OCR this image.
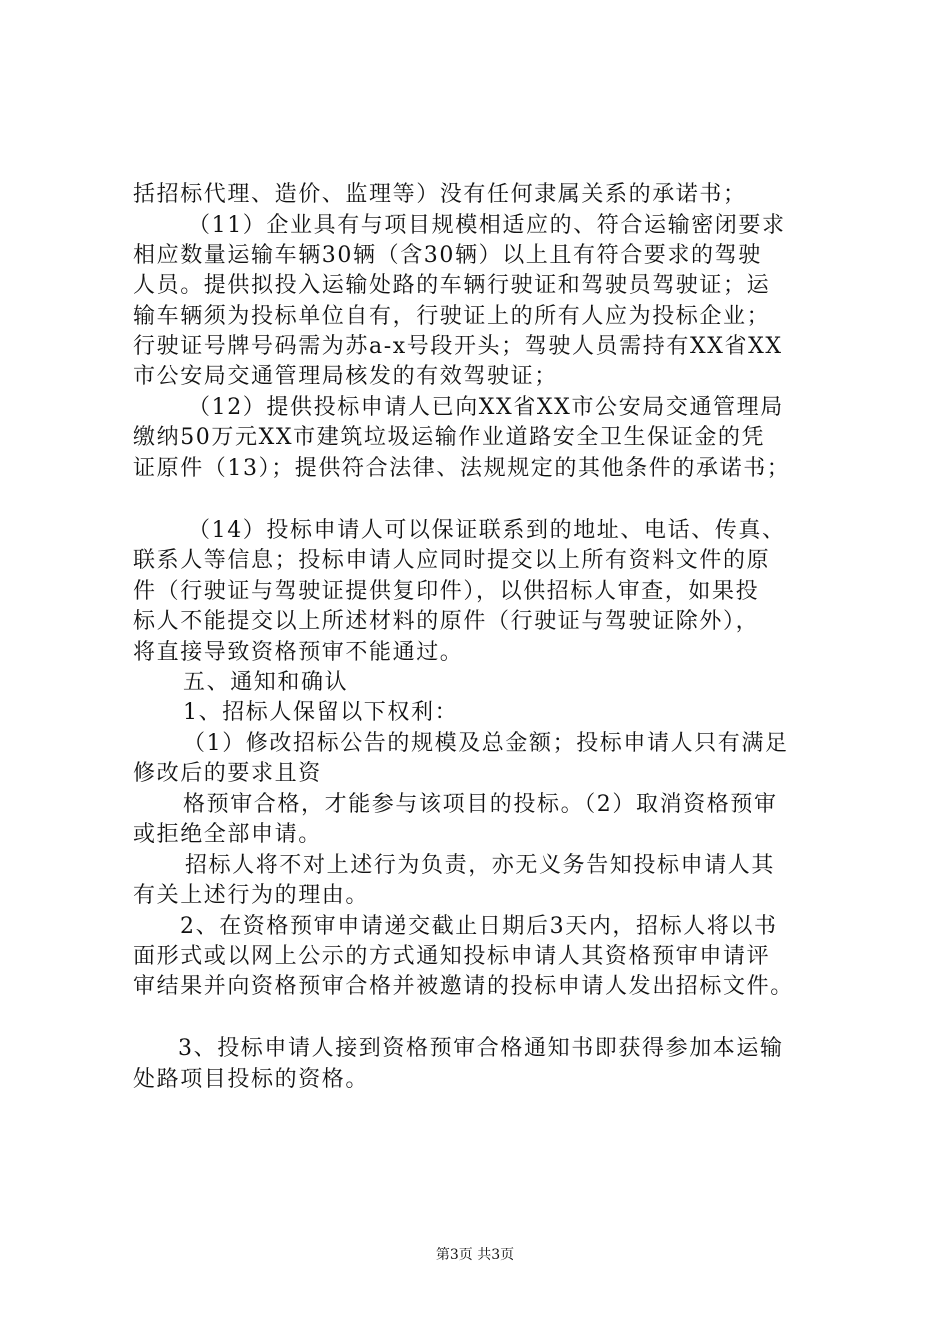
括招标代理、造价、监理等）没有任何隶属关系的承诺书；
（11）企业具有与项目规模相适应的、符合运输密闭要求
相应数量运输车辆30辆（含30辆）以上且有符合要求的驾驶
人员。提供拟投入运输处路的车辆行驶证和驾驶员驾驶证；运
输车辆须为投标单位自有，行驶证上的所有人应为投标企业；
行驶证号牌号码需为苏a-x号段开头；驾驶人员需持有XX省XX
市公安局交通管理局核发的有效驾驶证；
（12）提供投标申请人已向XX省XX市公安局交通管理局
缴纳50万元XX市建筑垃圾运输作业道路安全卫生保证金的凭
证原件（13）；提供符合法律、法规规定的其他条件的承诺书；
（14）投标申请人可以保证联系到的地址、电话、传真、
联系人等信息；投标申请人应同时提交以上所有资料文件的原
件（行驶证与驾驶证提供复印件），以供招标人审查，如果投
标人不能提交以上所述材料的原件（行驶证与驾驶证除外），
将直接导致资格预审不能通过。
五、通知和确认
1、招标人保留以下权利：
（1）修改招标公告的规模及总金额；投标申请人只有满足
修改后的要求且资
格预审合格，才能参与该项目的投标。（2）取消资格预审
或拒绝全部申请。
招标人将不对上述行为负责，亦无义务告知投标申请人其
有关上述行为的理由。
2、在资格预审申请递交截止日期后3天内，招标人将以书
面形式或以网上公示的方式通知投标申请人其资格预审申请评
审结果并向资格预审合格并被邀请的投标申请人发出招标文件。
3、投标申请人接到资格预审合格通知书即获得参加本运输
处路项目投标的资格。
第3页 共3页
